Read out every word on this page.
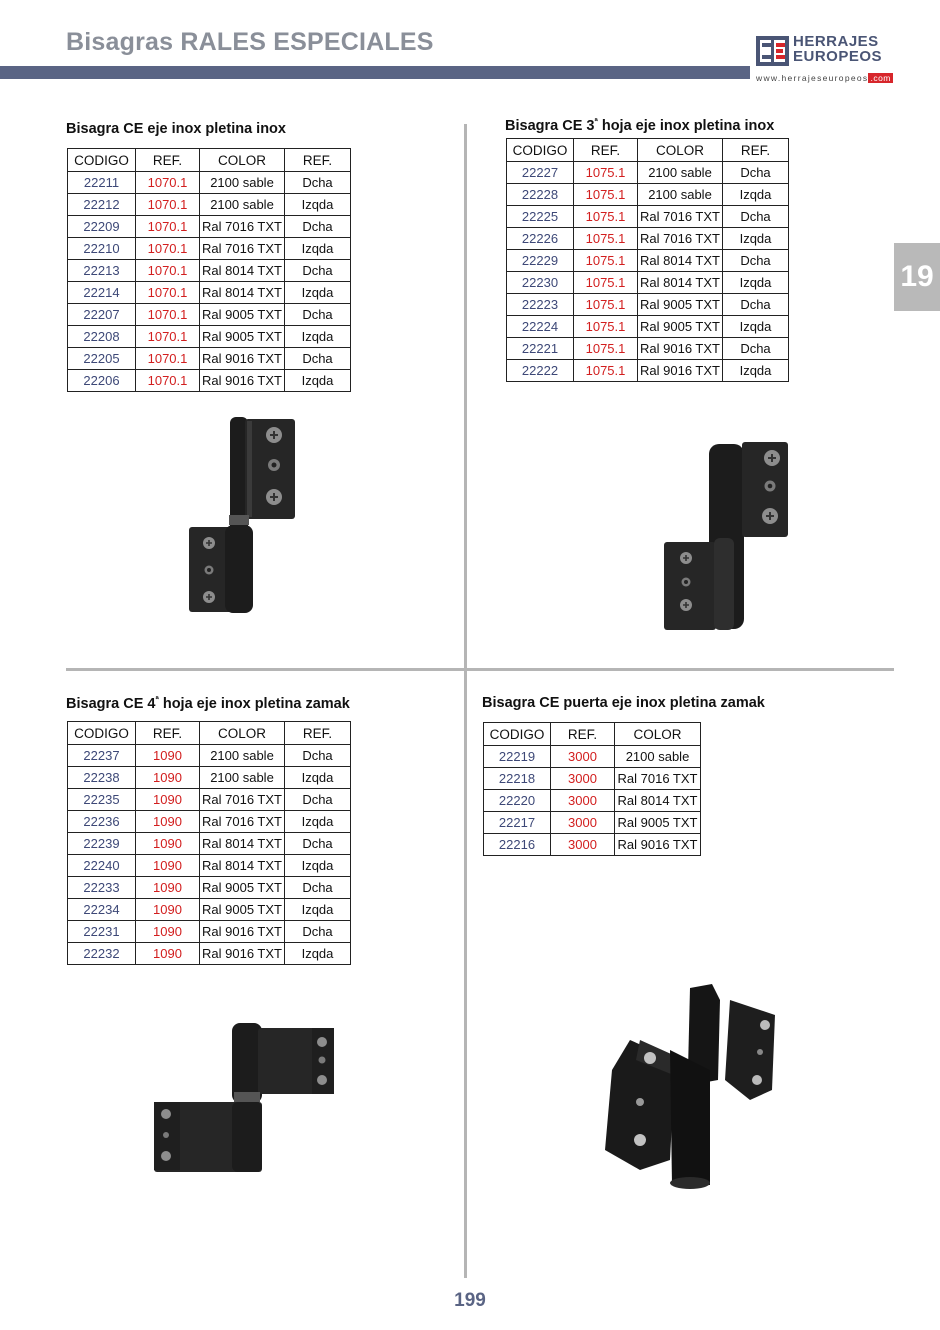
Bisagras RALES ESPECIALES	HERRAJES
EUROPEOS
www.herrajeseuropeos .com
19
Bisagra CE eje inox pletina inox
CODIGO	REF.	COLOR	REF.
22211	1070.1	2100 sable	Dcha
22212	1070.1	2100 sable	Izqda
22209	1070.1	Ral 7016 TXT	Dcha
22210	1070.1	Ral 7016 TXT	Izqda
22213	1070.1	Ral 8014 TXT	Dcha
22214	1070.1	Ral 8014 TXT	Izqda
22207	1070.1	Ral 9005 TXT	Dcha
22208	1070.1	Ral 9005 TXT	Izqda
22205	1070.1	Ral 9016 TXT	Dcha
22206	1070.1	Ral 9016 TXT	Izqda
Bisagra CE $3^ª$ hoja eje inox pletina inox
CODIGO	REF.	COLOR	REF.
22227	1075.1	2100 sable	Dcha
22228	1075.1	2100 sable	Izqda
22225	1075.1	Ral 7016 TXT	Dcha
22226	1075.1	Ral 7016 TXT	Izqda
22229	1075.1	Ral 8014 TXT	Dcha
22230	1075.1	Ral 8014 TXT	Izqda
22223	1075.1	Ral 9005 TXT	Dcha
22224	1075.1	Ral 9005 TXT	Izqda
22221	1075.1	Ral 9016 TXT	Dcha
22222	1075.1	Ral 9016 TXT	Izqda
Bisagra CE $4^ª$ hoja eje inox pletina zamak
CODIGO	REF.	COLOR	REF.
22237	1090	2100 sable	Dcha
22238	1090	2100 sable	Izqda
22235	1090	Ral 7016 TXT	Dcha
22236	1090	Ral 7016 TXT	Izqda
22239	1090	Ral 8014 TXT	Dcha
22240	1090	Ral 8014 TXT	Izqda
22233	1090	Ral 9005 TXT	Dcha
22234	1090	Ral 9005 TXT	Izqda
22231	1090	Ral 9016 TXT	Dcha
22232	1090	Ral 9016 TXT	Izqda
Bisagra CE puerta eje inox pletina zamak
CODIGO	REF.	COLOR
22219	3000	2100 sable
22218	3000	Ral 7016 TXT
22220	3000	Ral 8014 TXT
22217	3000	Ral 9005 TXT
22216	3000	Ral 9016 TXT
199
